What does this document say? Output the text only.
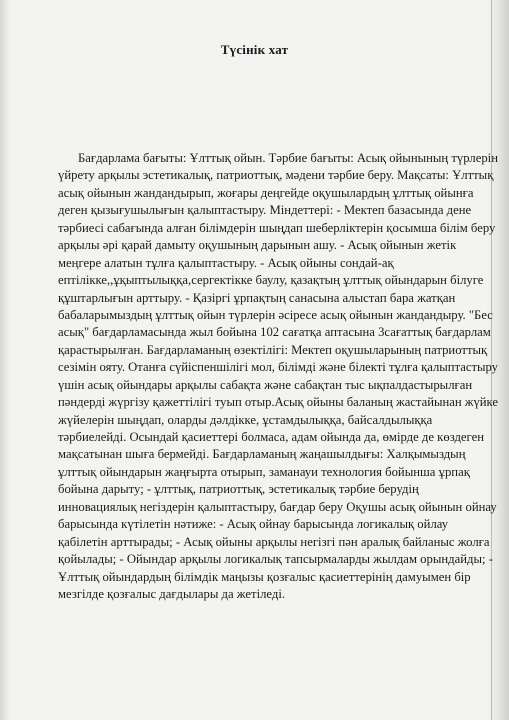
Түсінік хат
Бағдарлама бағыты: Ұлттық ойын. Тәрбие бағыты: Асық ойынының түрлерін
үйрету арқылы эстетикалық, патриоттық, мәдени тәрбие беру. Мақсаты: Ұлттық
асық ойынын жандандырып, жоғары деңгейде оқушылардың ұлттық ойынға
деген қызығушылығын қалыптастыру. Міндеттері: - Мектеп базасында дене
тәрбиесі сабағында алған білімдерін шыңдап шеберліктерін қосымша білім беру
арқылы әрі қарай дамыту оқушының дарынын ашу. - Асық ойынын жетік
меңгере алатын тұлға қалыптастыру. - Асық ойыны сондай-ақ
ептілікке,,ұқыптылыққа,сергектікке баулу, қазақтың ұлттық ойындарын білуге
құштарлығын арттыру. - Қазіргі ұрпақтың санасына алыстап бара жатқан
бабаларымыздың ұлттық ойын түрлерін әсіресе асық ойынын жандандыру. "Бес
асық" бағдарламасында жыл бойына 102 сағатқа аптасына 3сағаттық бағдарлам
қарастырылған. Бағдарламаның өзектілігі: Мектеп оқушыларының патриоттық
сезімін ояту. Отанға сүйіспеншілігі мол, білімді және білекті тұлға қалыптастыру
үшін асық ойындары арқылы сабақта және сабақтан тыс ықпалдастырылған
пәндерді жүргізу қажеттілігі туып отыр.Асық ойыны баланың жастайынан жүйке
жүйелерін шыңдап, оларды дәлдікке, ұстамдылыққа, байсалдылыққа
тәрбиелейді. Осындай қасиеттері болмаса, адам ойында да, өмірде де көздеген
мақсатынан шыға бермейді. Бағдарламаның жаңашылдығы: Халқымыздың
ұлттық ойындарын жаңғырта отырып, заманауи технология бойынша ұрпақ
бойына дарыту; - ұлттық, патриоттық, эстетикалық тәрбие берудің
инновациялық негіздерін қалыптастыру, бағдар беру Оқушы асық ойынын ойнау
барысында күтілетін нәтиже: - Асық ойнау барысында логикалық ойлау
қабілетін арттырады; - Асық ойыны арқылы негізгі пән аралық байланыс жолға
қойылады; - Ойындар арқылы логикалық тапсырмаларды жылдам орындайды; -
Ұлттық ойындардың білімдік маңызы қозғалыс қасиеттерінің дамуымен бір
мезгілде қозғалыс дағдылары да жетіледі.
